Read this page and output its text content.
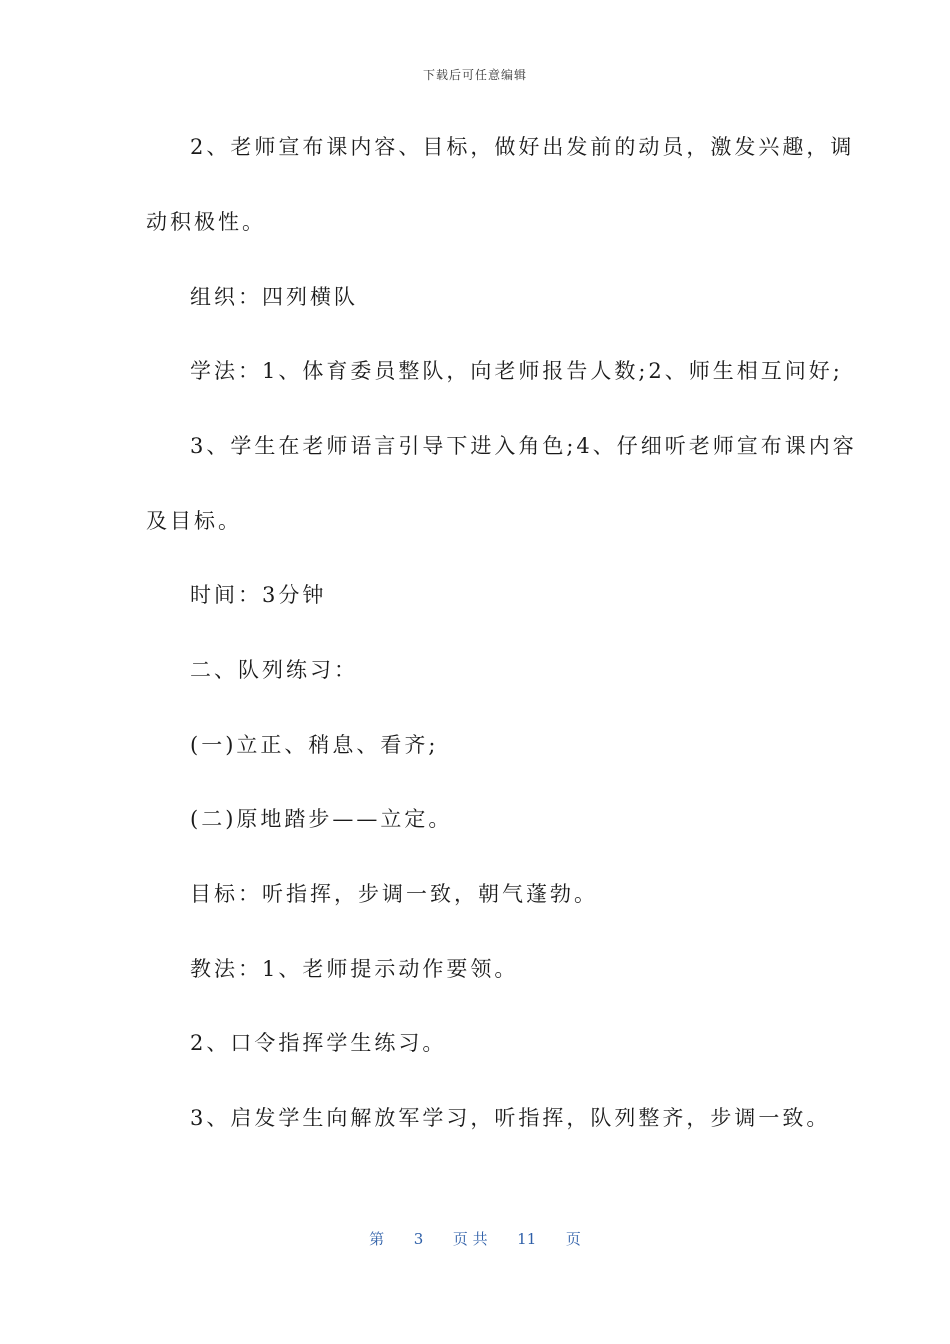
下载后可任意编辑
2、老师宣布课内容、目标，做好出发前的动员，激发兴趣，调
动积极性。
组织：四列横队
学法：1、体育委员整队，向老师报告人数;2、师生相互问好;
3、学生在老师语言引导下进入角色;4、仔细听老师宣布课内容
及目标。
时间：3分钟
二、队列练习：
(一)立正、稍息、看齐;
(二)原地踏步——立定。
目标：听指挥，步调一致，朝气蓬勃。
教法：1、老师提示动作要领。
2、口令指挥学生练习。
3、启发学生向解放军学习，听指挥，队列整齐，步调一致。
第 3 页 共 11 页
